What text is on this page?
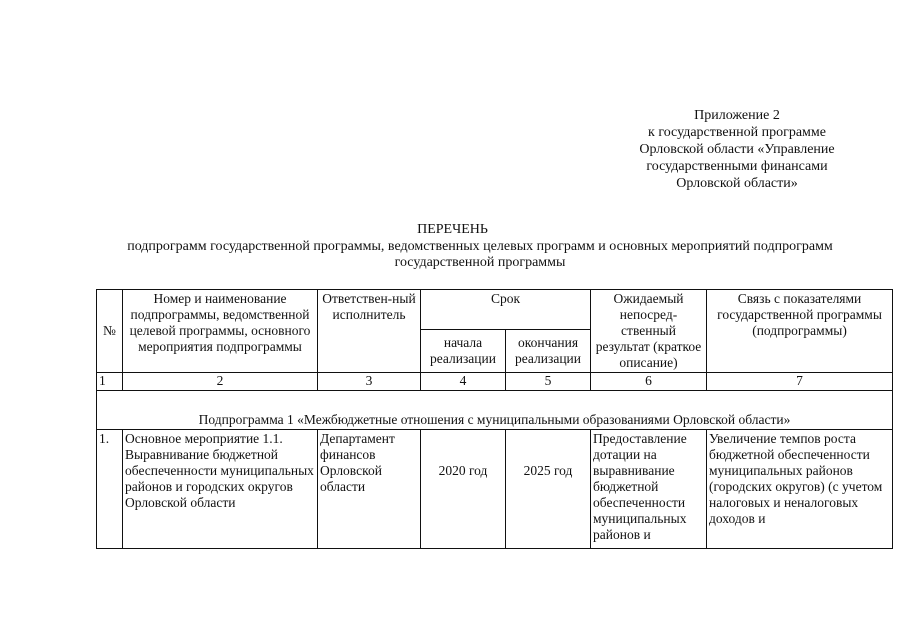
Приложение 2
к государственной программе
Орловской области «Управление
государственными финансами
Орловской области»
ПЕРЕЧЕНЬ
подпрограмм государственной программы, ведомственных целевых программ и основных мероприятий подпрограмм
государственной программы
№	Номер и наименование подпрограммы, ведомственной целевой программы, основного мероприятия подпрограммы	Ответствен-ный исполнитель	Срок		Ожидаемый непосред-ственный результат (краткое описание)	Связь с показателями государственной программы (подпрограммы)
			начала реализации	окончания реализации		
1	2	3	4	5	6	7
Подпрограмма 1 «Межбюджетные отношения с муниципальными образованиями Орловской области»						

1.	Основное мероприятие 1.1. Выравнивание бюджетной обеспеченности муниципальных районов и городских округов Орловской области	Департамент финансов Орловской области	2020 год	2025 год	Предоставление дотации на выравнивание бюджетной обеспеченности муниципальных районов и	Увеличение темпов роста бюджетной обеспеченности муниципальных районов (городских округов) (с учетом налоговых и неналоговых доходов и
